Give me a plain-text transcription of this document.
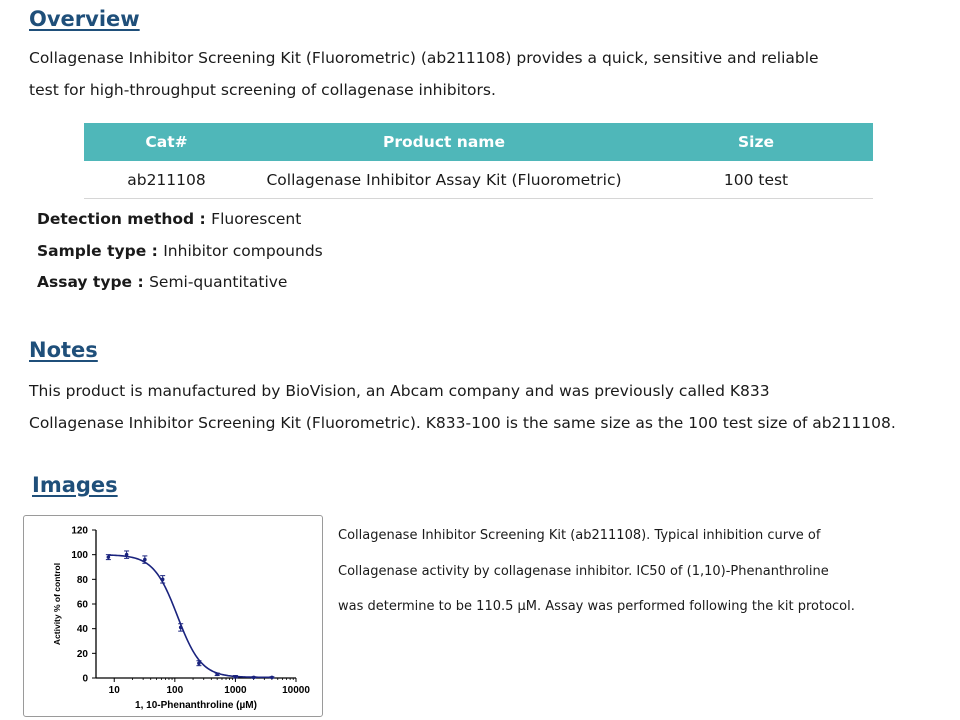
Overview

Collagenase Inhibitor Screening Kit (Fluorometric) (ab211108) provides a quick, sensitive and reliable

test for high-throughput screening of collagenase inhibitors.

Cat#	Product name	Size
ab211108	Collagenase Inhibitor Assay Kit (Fluorometric)	100 test

Detection method : Fluorescent

Sample type : Inhibitor compounds

Assay type : Semi-quantitative

Notes

This product is manufactured by BioVision, an Abcam company and was previously called K833

Collagenase Inhibitor Screening Kit (Fluorometric). K833-100 is the same size as the 100 test size of ab211108.

Images
0
20
40
60
80
100
120
10	100	1000	10000
1, 10-Phenanthroline (µM)
Activity % of control

Collagenase Inhibitor Screening Kit (ab211108). Typical inhibition curve of

Collagenase activity by collagenase inhibitor. IC50 of (1,10)-Phenanthroline

was determine to be 110.5 µM. Assay was performed following the kit protocol.
